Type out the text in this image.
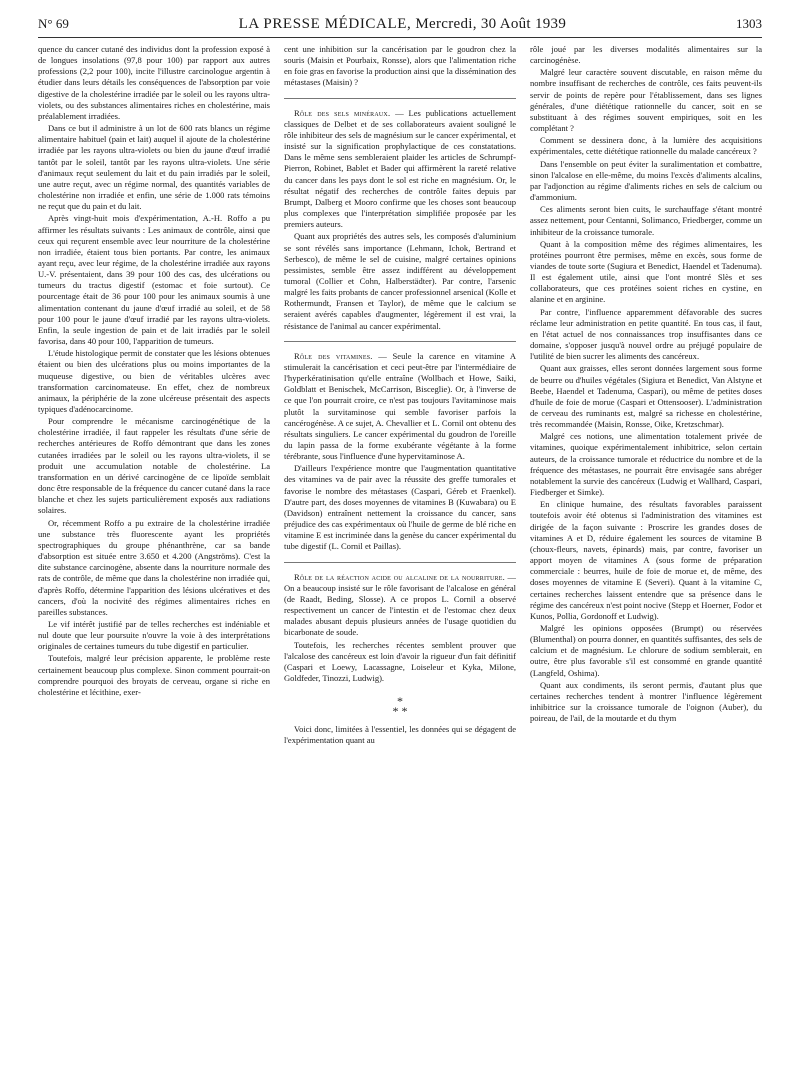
N° 69	LA PRESSE MÉDICALE, Mercredi, 30 Août 1939	1303

quence du cancer cutané des individus dont la profession exposé à de longues insolations (97,8 pour 100) par rapport aux autres professions (2,2 pour 100), incite l'illustre carcinologue argentin à étudier dans leurs détails les conséquences de l'absorption par voie digestive de la cholestérine irradiée par le soleil ou les rayons ultra-violets, ou des substances alimentaires riches en cholestérine, mais préalablement irradiées.

Dans ce but il administre à un lot de 600 rats blancs un régime alimentaire habituel (pain et lait) auquel il ajoute de la cholestérine irradiée par les rayons ultra-violets ou bien du jaune d'œuf irradié tantôt par le soleil, tantôt par les rayons ultra-violets. Une série d'animaux reçut seulement du lait et du pain irradiés par le soleil, une autre reçut, avec un régime normal, des quantités variables de cholestérine non irradiée et enfin, une série de 1.000 rats témoins ne reçut que du pain et du lait.

Après vingt-huit mois d'expérimentation, A.-H. Roffo a pu affirmer les résultats suivants : Les animaux de contrôle, ainsi que ceux qui reçurent ensemble avec leur nourriture de la cholestérine non irradiée, étaient tous bien portants. Par contre, les animaux ayant reçu, avec leur régime, de la cholestérine irradiée aux rayons U.-V. présentaient, dans 39 pour 100 des cas, des ulcérations ou tumeurs du tractus digestif (estomac et foie surtout). Ce pourcentage était de 36 pour 100 pour les animaux soumis à une alimentation contenant du jaune d'œuf irradié au soleil, et de 58 pour 100 pour le jaune d'œuf irradié par les rayons ultra-violets. Enfin, la seule ingestion de pain et de lait irradiés par le soleil favorisa, dans 40 pour 100, l'apparition de tumeurs.

L'étude histologique permit de constater que les lésions obtenues étaient ou bien des ulcérations plus ou moins importantes de la muqueuse digestive, ou bien de véritables ulcères avec transformation carcinomateuse. En effet, chez de nombreux animaux, la périphérie de la zone ulcéreuse présentait des aspects typiques d'adénocarcinome.

Pour comprendre le mécanisme carcinogénétique de la cholestérine irradiée, il faut rappeler les résultats d'une série de recherches antérieures de Roffo démontrant que dans les zones cutanées irradiées par le soleil ou les rayons ultra-violets, il se produit une accumulation notable de cholestérine. La transformation en un dérivé carcinogène de ce lipoïde semblait donc être responsable de la fréquence du cancer cutané dans la race blanche et chez les sujets particulièrement exposés aux radiations solaires.

Or, récemment Roffo a pu extraire de la cholestérine irradiée une substance très fluorescente ayant les propriétés spectrographiques du groupe phénanthrène, car sa bande d'absorption est située entre 3.650 et 4.200 (Angströms). C'est la dite substance carcinogène, absente dans la nourriture normale des rats de contrôle, de même que dans la cholestérine non irradiée qui, d'après Roffo, détermine l'apparition des lésions ulcératives et des cancers, d'où la nocivité des régimes alimentaires riches en pareilles substances.

Le vif intérêt justifié par de telles recherches est indéniable et nul doute que leur poursuite n'ouvre la voie à des interprétations originales de certaines tumeurs du tube digestif en particulier.

Toutefois, malgré leur précision apparente, le problème reste certainement beaucoup plus complexe. Sinon comment pourrait-on comprendre pourquoi des broyats de cerveau, organe si riche en cholestérine et lécithine, exer-

cent une inhibition sur la cancérisation par le goudron chez la souris (Maisin et Pourbaix, Ronsse), alors que l'alimentation riche en foie gras en favorise la production ainsi que la dissémination des métastases (Maisin) ?

Rôle des sels minéraux. — Les publications actuellement classiques de Delbet et de ses collaborateurs avaient souligné le rôle inhibiteur des sels de magnésium sur le cancer expérimental, et insisté sur la signification prophylactique de ces constatations. Dans le même sens sembleraient plaider les articles de Schrumpf-Pierron, Robinet, Bablet et Bader qui affirmèrent la rareté relative du cancer dans les pays dont le sol est riche en magnésium. Or, le résultat négatif des recherches de contrôle faites depuis par Brumpt, Dalberg et Mooro confirme que les choses sont beaucoup plus complexes que l'interprétation simplifiée proposée par les premiers auteurs.

Quant aux propriétés des autres sels, les composés d'aluminium se sont révélés sans importance (Lehmann, Ichok, Bertrand et Serbesco), de même le sel de cuisine, malgré certaines opinions pessimistes, semble être assez indifférent au développement tumoral (Collier et Cohn, Halberstädter). Par contre, l'arsenic malgré les faits probants de cancer professionnel arsenical (Kolle et Rothermundt, Fransen et Taylor), de même que le calcium se seraient avérés capables d'augmenter, légèrement il est vrai, la résistance de l'animal au cancer expérimental.

Rôle des vitamines. — Seule la carence en vitamine A stimulerait la cancérisation et ceci peut-être par l'intermédiaire de l'hyperkératinisation qu'elle entraîne (Wollbach et Howe, Saiki, Goldblatt et Benischek, McCarrison, Bisceglie). Or, à l'inverse de ce que l'on pourrait croire, ce n'est pas toujours l'avitaminose mais plutôt la survitaminose qui semble favoriser parfois la cancérogénèse. A ce sujet, A. Chevallier et L. Cornil ont obtenu des résultats singuliers. Le cancer expérimental du goudron de l'oreille du lapin passa de la forme exubérante végétante à la forme térébrante, sous l'influence d'une hypervitaminose A.

D'ailleurs l'expérience montre que l'augmentation quantitative des vitamines va de pair avec la réussite des greffe tumorales et favorise le nombre des métastases (Caspari, Géreb et Fraenkel). D'autre part, des doses moyennes de vitamines B (Kuwabara) ou E (Davidson) entraînent nettement la croissance du cancer, sans préjudice des cas expérimentaux où l'huile de germe de blé riche en vitamine E est incriminée dans la genèse du cancer expérimental du tube digestif (L. Cornil et Paillas).

Rôle de la réaction acide ou alcaline de la nourriture. — On a beaucoup insisté sur le rôle favorisant de l'alcalose en général (de Raadt, Beding, Slosse). A ce propos L. Cornil a observé respectivement un cancer de l'intestin et de l'estomac chez deux malades abusant depuis plusieurs années de l'usage quotidien du bicarbonate de soude.

Toutefois, les recherches récentes semblent prouver que l'alcalose des cancéreux est loin d'avoir la rigueur d'un fait définitif (Caspari et Loewy, Lacassagne, Loiseleur et Kyka, Milone, Goldfeder, Tinozzi, Ludwig).

*
* *

Voici donc, limitées à l'essentiel, les données qui se dégagent de l'expérimentation quant au

rôle joué par les diverses modalités alimentaires sur la carcinogénèse.

Malgré leur caractère souvent discutable, en raison même du nombre insuffisant de recherches de contrôle, ces faits peuvent-ils servir de points de repère pour l'établissement, dans ses lignes générales, d'une diététique rationnelle du cancer, soit en se substituant à des régimes souvent empiriques, soit en les complétant ?

Comment se dessinera donc, à la lumière des acquisitions expérimentales, cette diététique rationnelle du malade cancéreux ?

Dans l'ensemble on peut éviter la suralimentation et combattre, sinon l'alcalose en elle-même, du moins l'excès d'aliments alcalins, par l'adjonction au régime d'aliments riches en sels de calcium ou d'ammonium.

Ces aliments seront bien cuits, le surchauffage s'étant montré assez nettement, pour Centanni, Solimanco, Friedberger, comme un inhibiteur de la croissance tumorale.

Quant à la composition même des régimes alimentaires, les protéines pourront être permises, même en excès, sous forme de viandes de toute sorte (Sugiura et Benedict, Haendel et Tadenuma). Il est également utile, ainsi que l'ont montré Slès et ses collaborateurs, que ces protéines soient riches en cystine, en alanine et en arginine.

Par contre, l'influence apparemment défavorable des sucres réclame leur administration en petite quantité. En tous cas, il faut, en l'état actuel de nos connaissances trop insuffisantes dans ce domaine, s'opposer jusqu'à nouvel ordre au préjugé populaire de l'utilité de bien sucrer les aliments des cancéreux.

Quant aux graisses, elles seront données largement sous forme de beurre ou d'huiles végétales (Sigiura et Benedict, Van Alstyne et Beebe, Haendel et Tadenuma, Caspari), ou même de petites doses d'huile de foie de morue (Caspari et Ottensooser). L'administration de cerveau des ruminants est, malgré sa richesse en cholestérine, très recommandée (Maisin, Ronsse, Oike, Kretzschmar).

Malgré ces notions, une alimentation totalement privée de vitamines, quoique expérimentalement inhibitrice, selon certain auteurs, de la croissance tumorale et réductrice du nombre et de la fréquence des métastases, ne pourrait être envisagée sans abréger notablement la survie des cancéreux (Ludwig et Wallhard, Caspari, Fiedberger et Simke).

En clinique humaine, des résultats favorables paraissent toutefois avoir été obtenus si l'administration des vitamines est dirigée de la façon suivante : Proscrire les grandes doses de vitamines A et D, réduire également les sources de vitamine B (choux-fleurs, navets, épinards) mais, par contre, favoriser un apport moyen de vitamines A (sous forme de préparation commerciale : beurres, huile de foie de morue et, de même, des doses moyennes de vitamine E (Severi). Quant à la vitamine C, certaines recherches laissent entendre que sa présence dans le régime des cancéreux n'est point nocive (Stepp et Hoerner, Fodor et Kunos, Pollia, Gordonoff et Ludwig).

Malgré les opinions opposées (Brumpt) ou réservées (Blumenthal) on pourra donner, en quantités suffisantes, des sels de calcium et de magnésium. Le chlorure de sodium semblerait, en outre, être plus favorable s'il est consommé en grande quantité (Langfeld, Oshima).

Quant aux condiments, ils seront permis, d'autant plus que certaines recherches tendent à montrer l'influence légèrement inhibitrice sur la croissance tumorale de l'oignon (Auber), du poireau, de l'ail, de la moutarde et du thym
